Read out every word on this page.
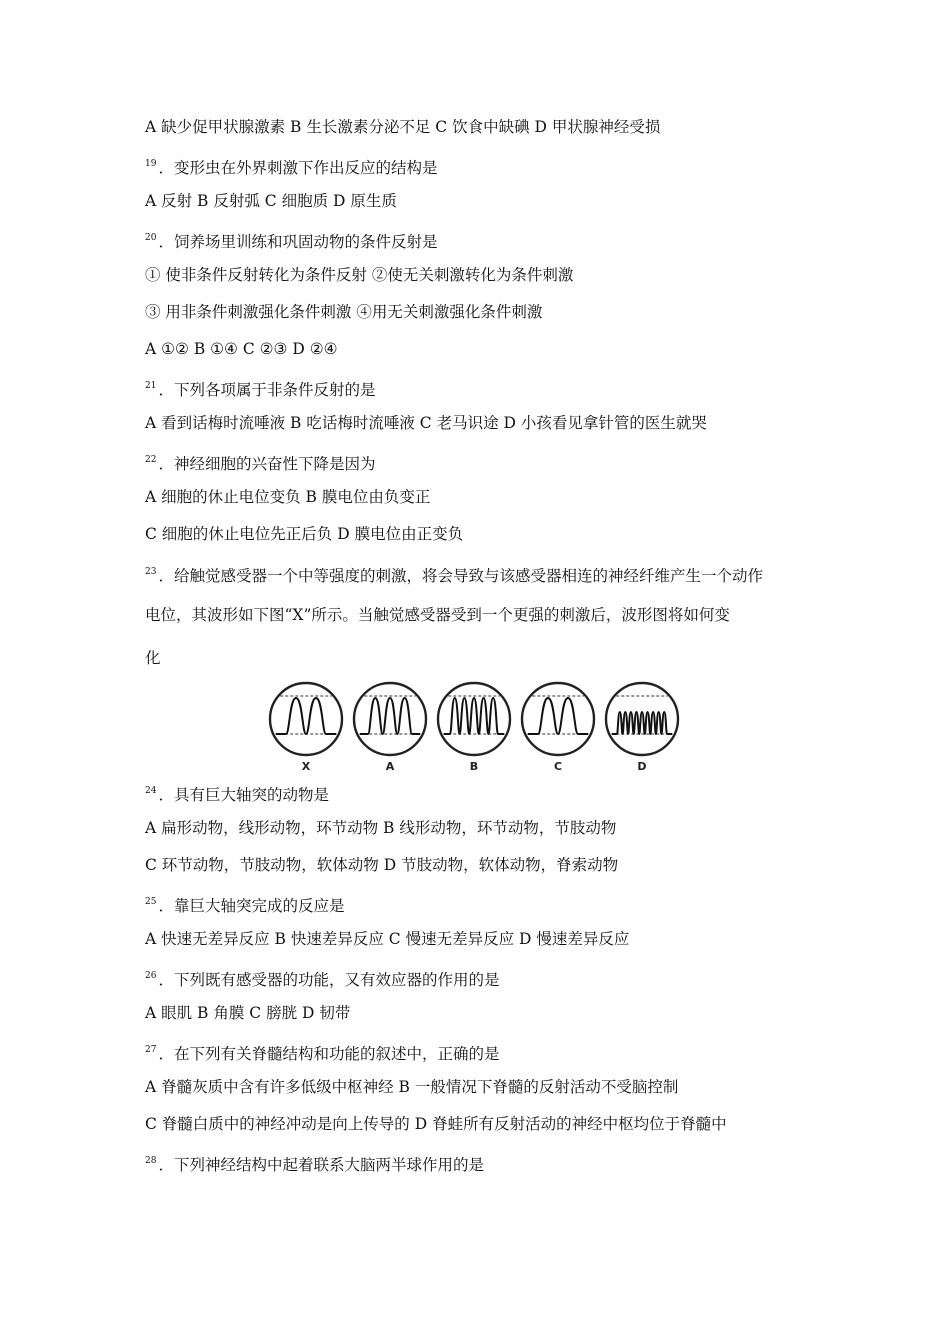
A 缺少促甲状腺激素 B 生长激素分泌不足 C 饮食中缺碘 D 甲状腺神经受损
$^{19}$ ．变形虫在外界刺激下作出反应的结构是
A 反射 B 反射弧 C 细胞质 D 原生质
$^{20}$ ．饲养场里训练和巩固动物的条件反射是
① 使非条件反射转化为条件反射 ②使无关刺激转化为条件刺激
③ 用非条件刺激强化条件刺激 ④用无关刺激强化条件刺激
A ①② B ①④ C ②③ D ②④
$^{21}$ ．下列各项属于非条件反射的是
A 看到话梅时流唾液 B 吃话梅时流唾液 C 老马识途 D 小孩看见拿针管的医生就哭
$^{22}$ ．神经细胞的兴奋性下降是因为
A 细胞的休止电位变负 B 膜电位由负变正
C 细胞的休止电位先正后负 D 膜电位由正变负
$^{23}$ ．给触觉感受器一个中等强度的刺激，将会导致与该感受器相连的神经纤维产生一个动作
电位，其波形如下图“X”所示。当触觉感受器受到一个更强的刺激后，波形图将如何变
化
X	A	B	C	D
$^{24}$ ．具有巨大轴突的动物是
A 扁形动物，线形动物，环节动物 B 线形动物，环节动物，节肢动物
C 环节动物，节肢动物，软体动物 D 节肢动物，软体动物，脊索动物
$^{25}$ ．靠巨大轴突完成的反应是
A 快速无差异反应 B 快速差异反应 C 慢速无差异反应 D 慢速差异反应
$^{26}$ ．下列既有感受器的功能，又有效应器的作用的是
A 眼肌 B 角膜 C 膀胱 D 韧带
$^{27}$ ．在下列有关脊髓结构和功能的叙述中，正确的是
A 脊髓灰质中含有许多低级中枢神经 B 一般情况下脊髓的反射活动不受脑控制
C 脊髓白质中的神经冲动是向上传导的 D 脊蛙所有反射活动的神经中枢均位于脊髓中
$^{28}$ ．下列神经结构中起着联系大脑两半球作用的是
